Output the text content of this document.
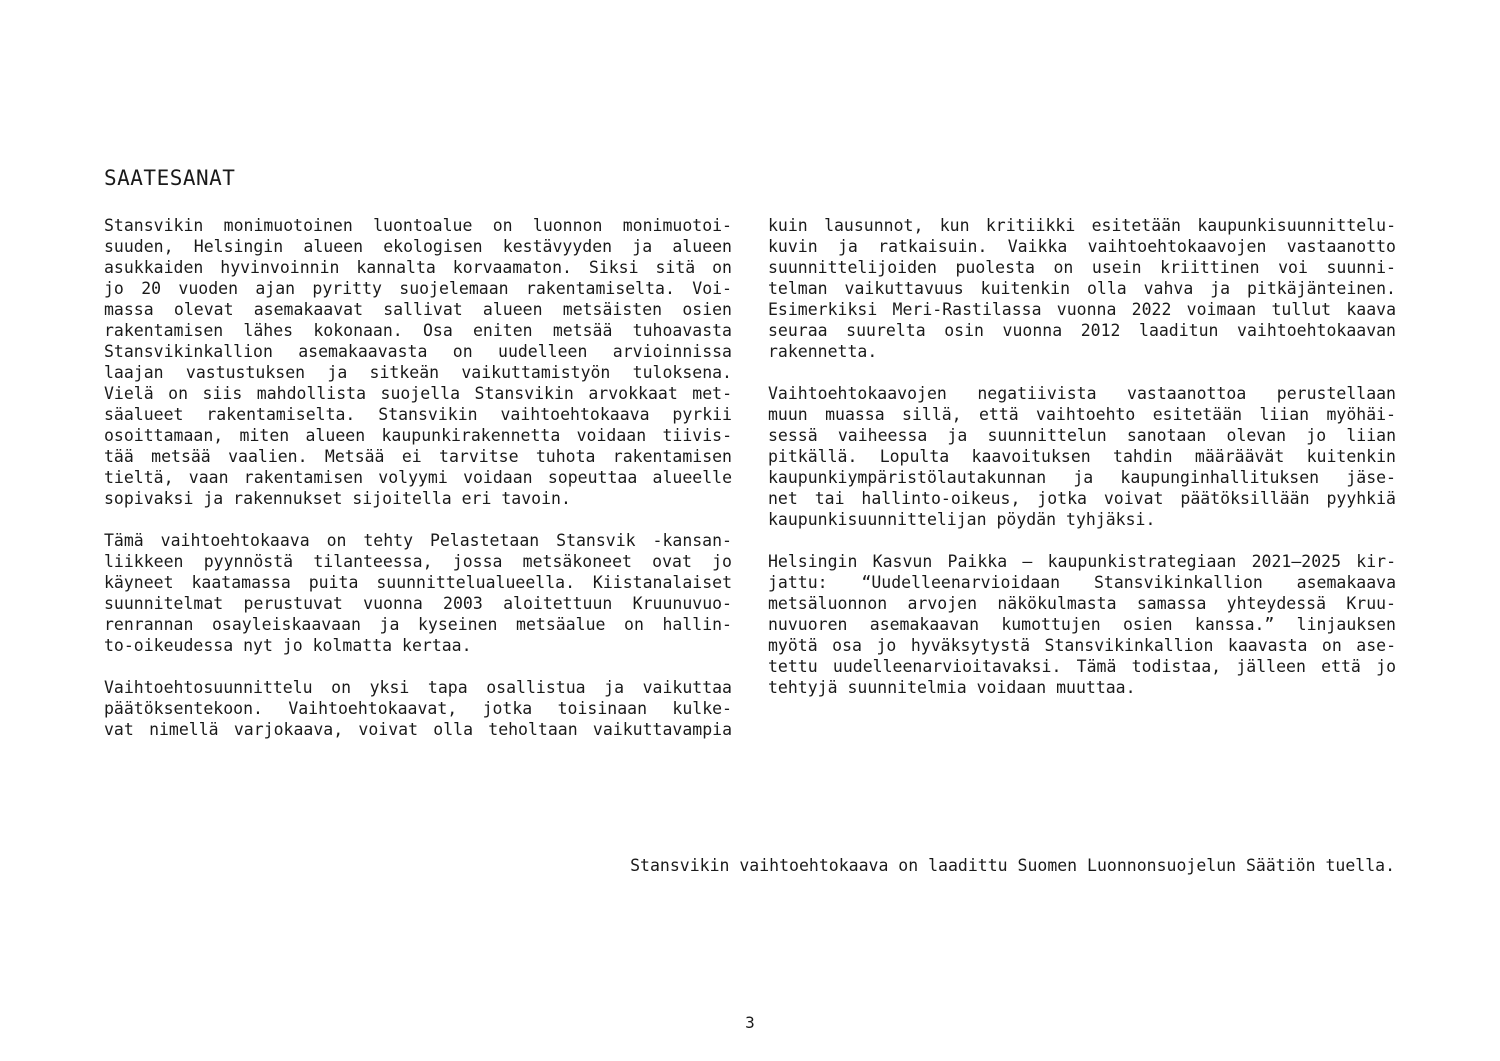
SAATESANAT

Stansvikin monimuotoinen luontoalue on luonnon monimuotoi-
suuden, Helsingin alueen ekologisen kestävyyden ja alueen
asukkaiden hyvinvoinnin kannalta korvaamaton. Siksi sitä on
jo 20 vuoden ajan pyritty suojelemaan rakentamiselta. Voi-
massa olevat asemakaavat sallivat alueen metsäisten osien
rakentamisen lähes kokonaan. Osa eniten metsää tuhoavasta
Stansvikinkallion asemakaavasta on uudelleen arvioinnissa
laajan vastustuksen ja sitkeän vaikuttamistyön tuloksena.
Vielä on siis mahdollista suojella Stansvikin arvokkaat met-
säalueet rakentamiselta. Stansvikin vaihtoehtokaava pyrkii
osoittamaan, miten alueen kaupunkirakennetta voidaan tiivis-
tää metsää vaalien. Metsää ei tarvitse tuhota rakentamisen
tieltä, vaan rakentamisen volyymi voidaan sopeuttaa alueelle
sopivaksi ja rakennukset sijoitella eri tavoin.

Tämä vaihtoehtokaava on tehty Pelastetaan Stansvik -kansan-
liikkeen pyynnöstä tilanteessa, jossa metsäkoneet ovat jo
käyneet kaatamassa puita suunnittelualueella. Kiistanalaiset
suunnitelmat perustuvat vuonna 2003 aloitettuun Kruunuvuo-
renrannan osayleiskaavaan ja kyseinen metsäalue on hallin-
to-oikeudessa nyt jo kolmatta kertaa.

Vaihtoehtosuunnittelu on yksi tapa osallistua ja vaikuttaa
päätöksentekoon. Vaihtoehtokaavat, jotka toisinaan kulke-
vat nimellä varjokaava, voivat olla teholtaan vaikuttavampia

kuin lausunnot, kun kritiikki esitetään kaupunkisuunnittelu-
kuvin ja ratkaisuin. Vaikka vaihtoehtokaavojen vastaanotto
suunnittelijoiden puolesta on usein kriittinen voi suunni-
telman vaikuttavuus kuitenkin olla vahva ja pitkäjänteinen.
Esimerkiksi Meri-Rastilassa vuonna 2022 voimaan tullut kaava
seuraa suurelta osin vuonna 2012 laaditun vaihtoehtokaavan
rakennetta.

Vaihtoehtokaavojen negatiivista vastaanottoa perustellaan
muun muassa sillä, että vaihtoehto esitetään liian myöhäi-
sessä vaiheessa ja suunnittelun sanotaan olevan jo liian
pitkällä. Lopulta kaavoituksen tahdin määräävät kuitenkin
kaupunkiympäristölautakunnan ja kaupunginhallituksen jäse-
net tai hallinto-oikeus, jotka voivat päätöksillään pyyhkiä
kaupunkisuunnittelijan pöydän tyhjäksi.

Helsingin Kasvun Paikka – kaupunkistrategiaan 2021–2025 kir-
jattu: “Uudelleenarvioidaan Stansvikinkallion asemakaava
metsäluonnon arvojen näkökulmasta samassa yhteydessä Kruu-
nuvuoren asemakaavan kumottujen osien kanssa.” linjauksen
myötä osa jo hyväksytystä Stansvikinkallion kaavasta on ase-
tettu uudelleenarvioitavaksi. Tämä todistaa, jälleen että jo
tehtyjä suunnitelmia voidaan muuttaa.

Stansvikin vaihtoehtokaava on laadittu Suomen Luonnonsuojelun Säätiön tuella.

3
